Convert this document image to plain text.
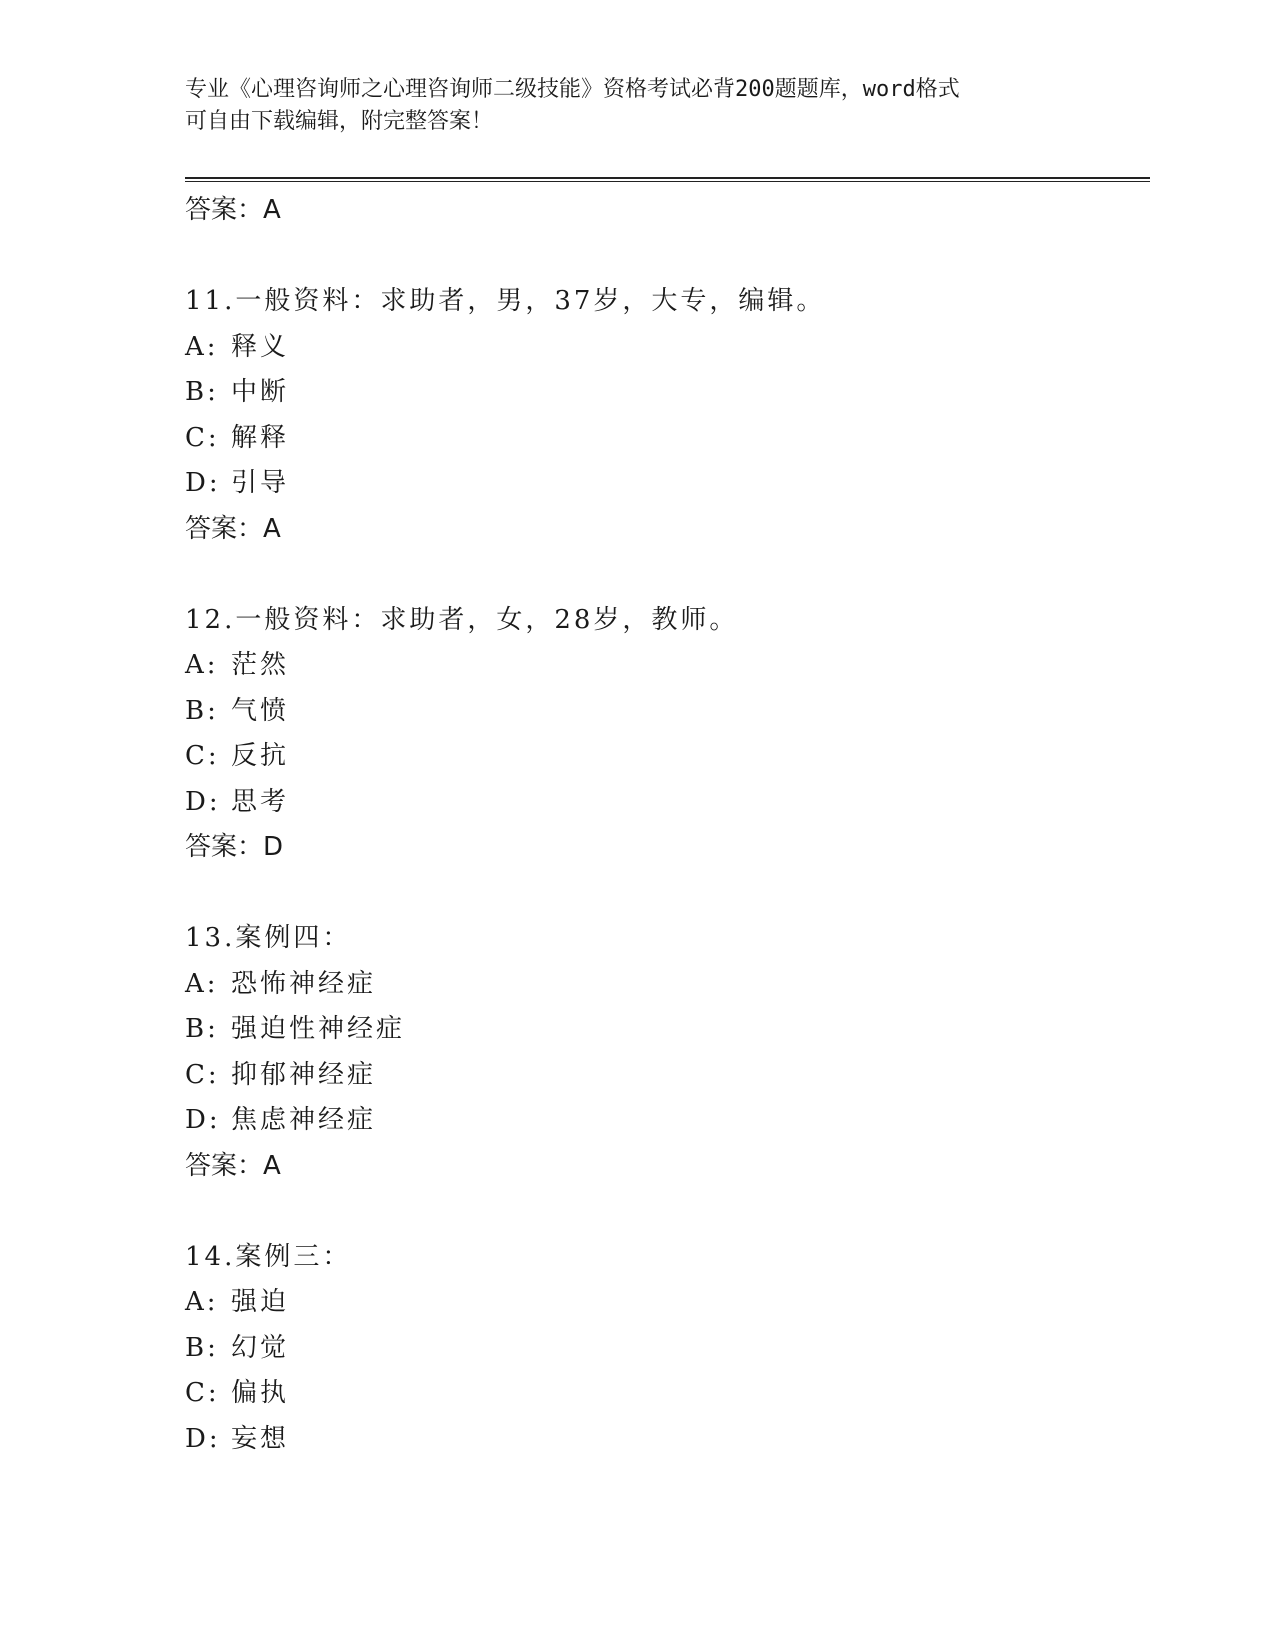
专业《心理咨询师之心理咨询师二级技能》资格考试必背200题题库，word格式
可自由下载编辑，附完整答案！
答案：A
11.一般资料：求助者，男，37岁，大专，编辑。
A: 释义
B: 中断
C: 解释
D: 引导
答案：A
12.一般资料：求助者，女，28岁，教师。
A: 茫然
B: 气愤
C: 反抗
D: 思考
答案：D
13.案例四：
A: 恐怖神经症
B: 强迫性神经症
C: 抑郁神经症
D: 焦虑神经症
答案：A
14.案例三：
A: 强迫
B: 幻觉
C: 偏执
D: 妄想
